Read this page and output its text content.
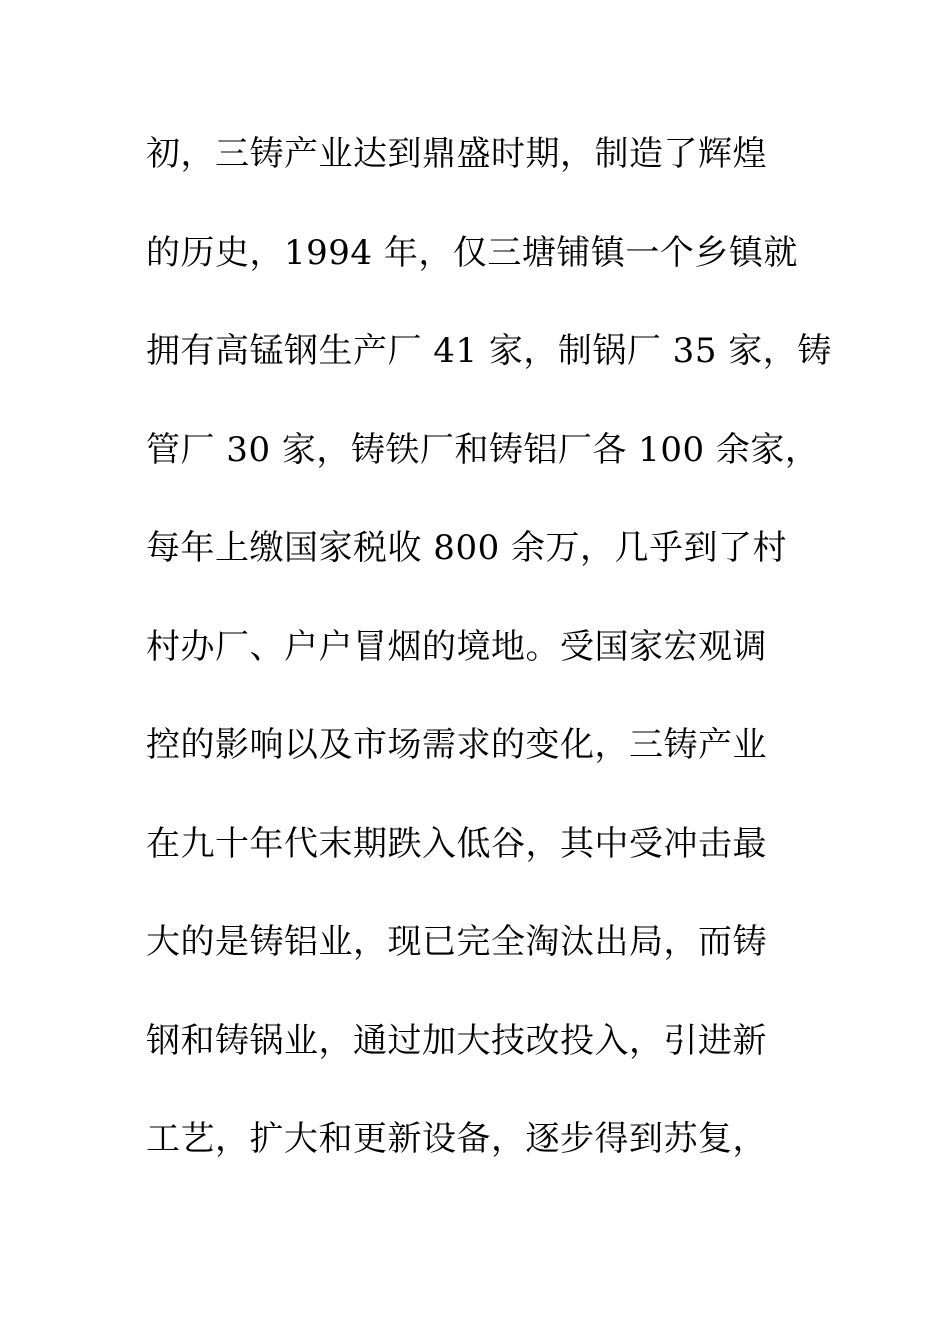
初，三铸产业达到鼎盛时期，制造了辉煌
的历史，1994 年，仅三塘铺镇一个乡镇就
拥有高锰钢生产厂 41 家，制锅厂 35 家，铸
管厂 30 家，铸铁厂和铸铝厂各 100 余家，
每年上缴国家税收 800 余万，几乎到了村
村办厂、户户冒烟的境地。受国家宏观调
控的影响以及市场需求的变化，三铸产业
在九十年代末期跌入低谷，其中受冲击最
大的是铸铝业，现已完全淘汰出局，而铸
钢和铸锅业，通过加大技改投入，引进新
工艺，扩大和更新设备，逐步得到苏复，
